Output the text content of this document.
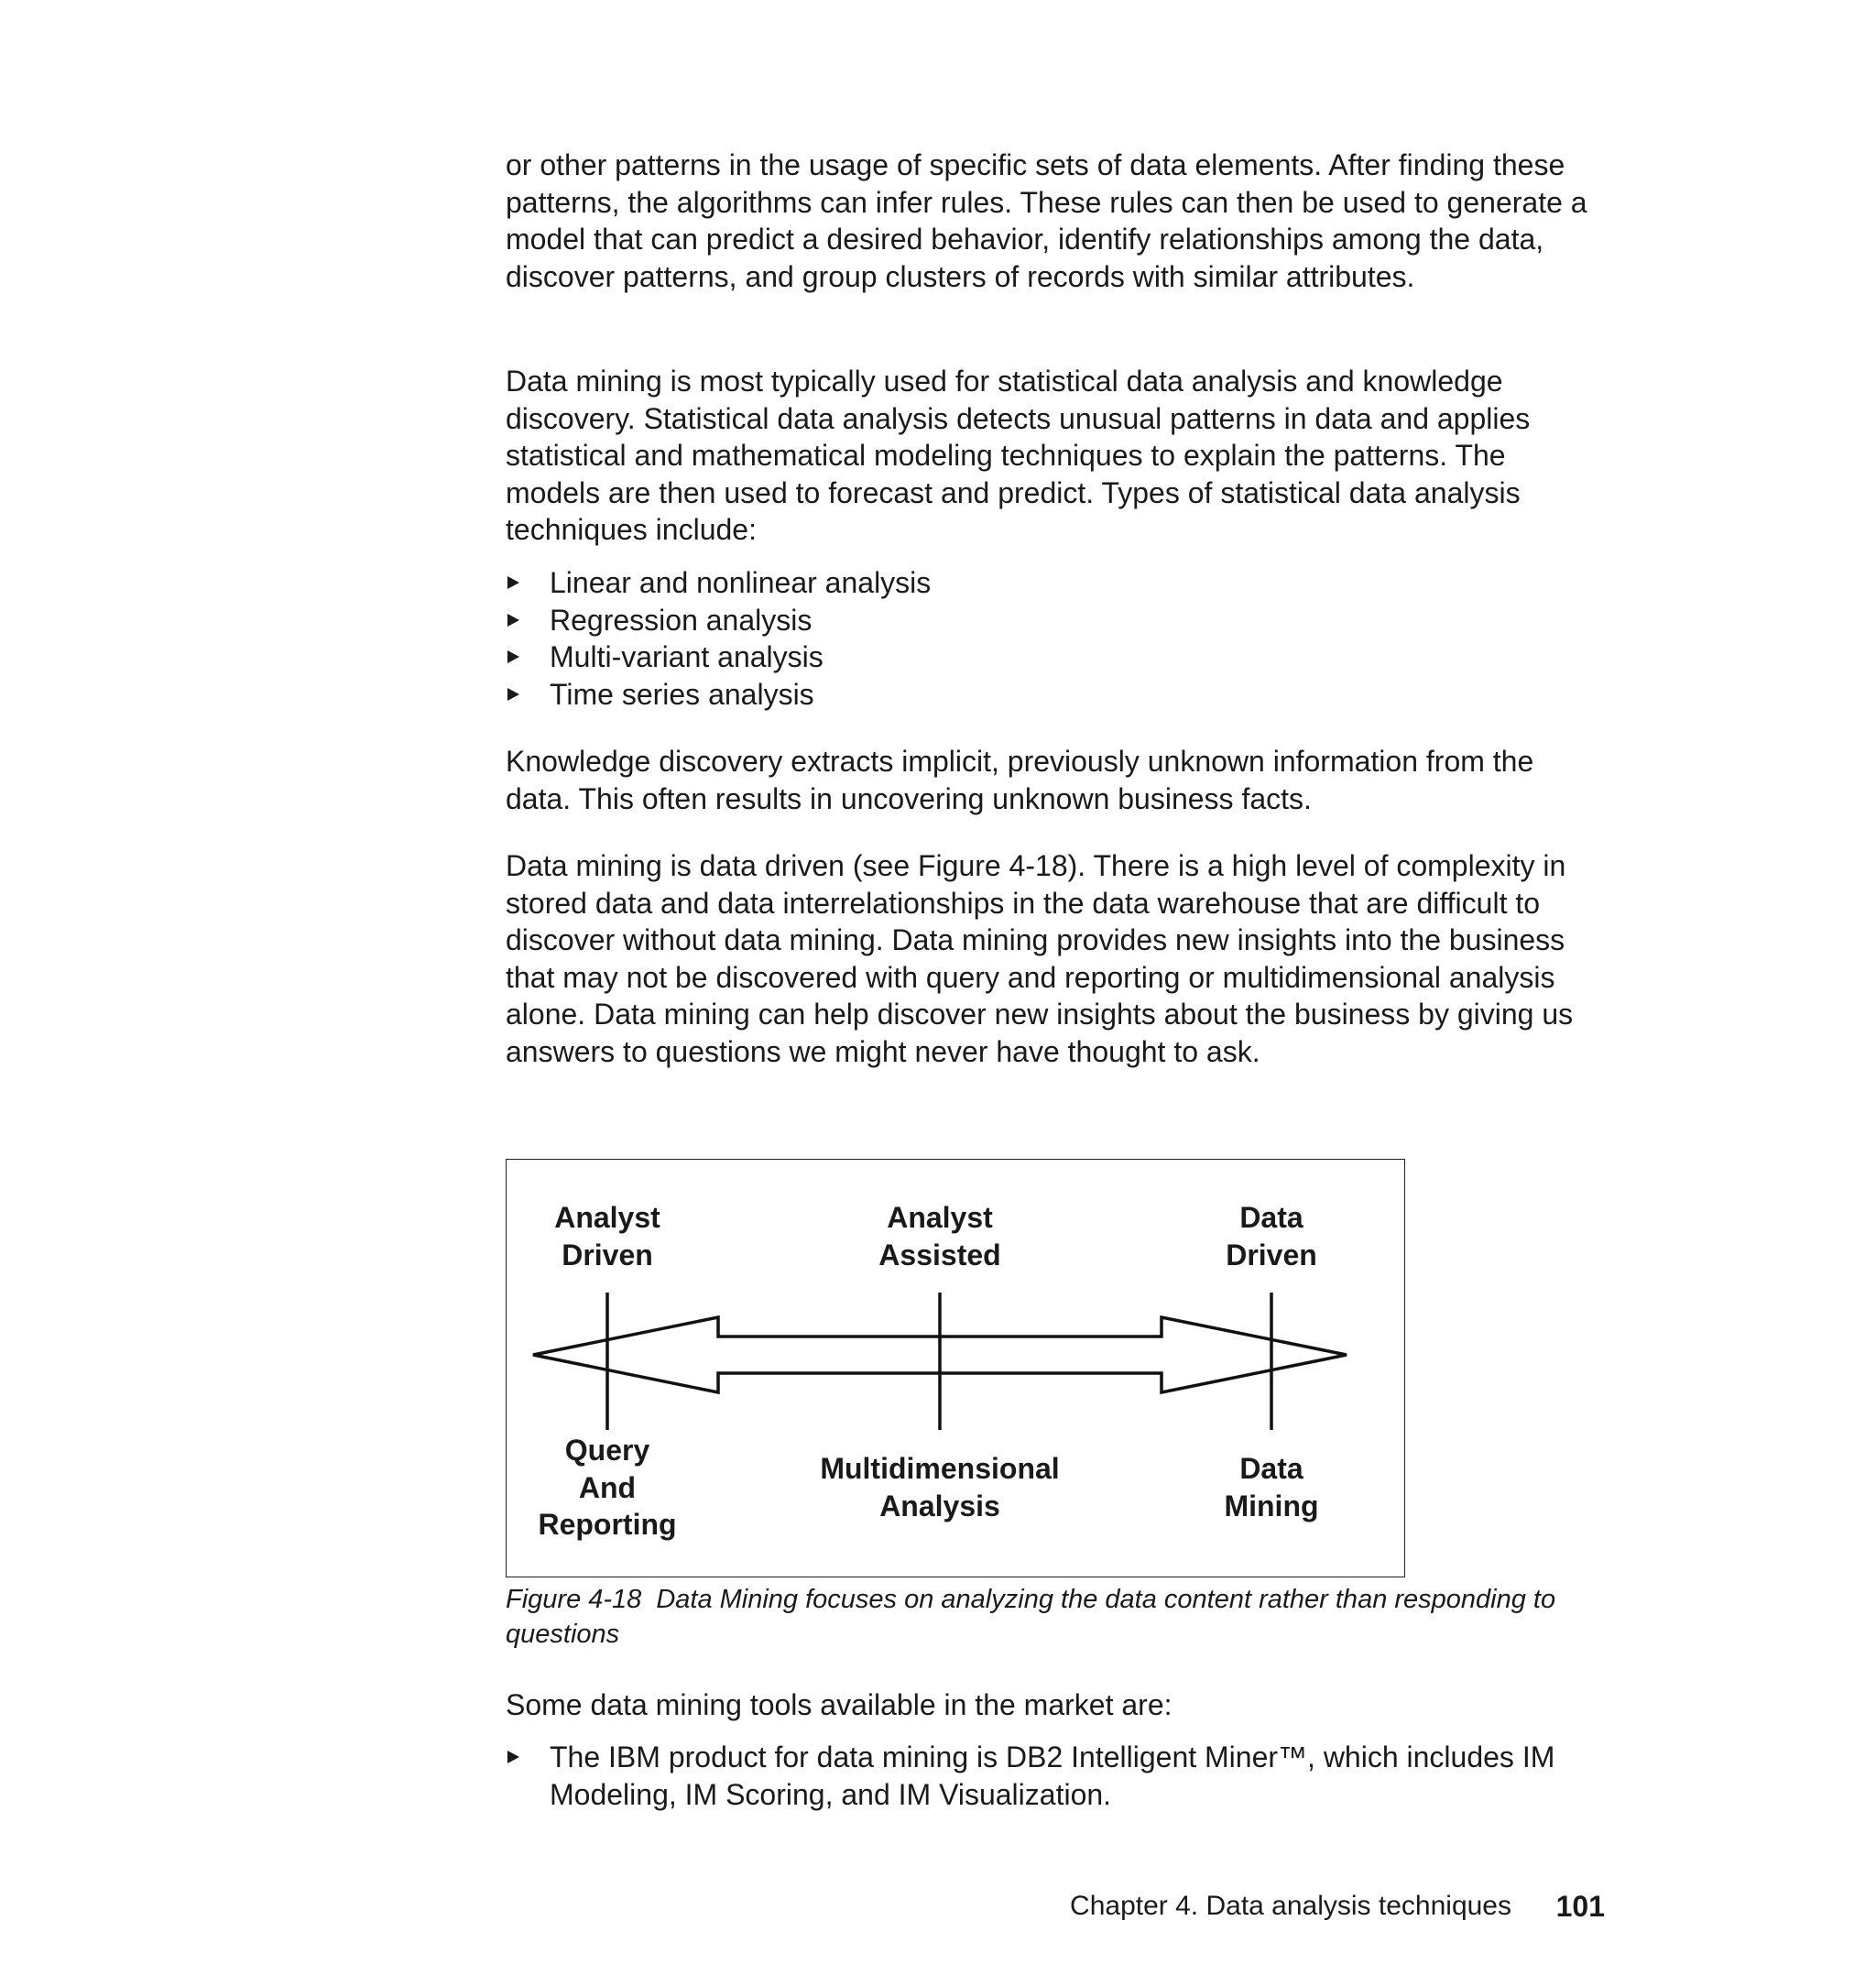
or other patterns in the usage of specific sets of data elements. After finding these patterns, the algorithms can infer rules. These rules can then be used to generate a model that can predict a desired behavior, identify relationships among the data, discover patterns, and group clusters of records with similar attributes.

Data mining is most typically used for statistical data analysis and knowledge discovery. Statistical data analysis detects unusual patterns in data and applies statistical and mathematical modeling techniques to explain the patterns. The models are then used to forecast and predict. Types of statistical data analysis techniques include:

Linear and nonlinear analysis
Regression analysis
Multi-variant analysis
Time series analysis

Knowledge discovery extracts implicit, previously unknown information from the data. This often results in uncovering unknown business facts.

Data mining is data driven (see Figure 4-18). There is a high level of complexity in stored data and data interrelationships in the data warehouse that are difficult to discover without data mining. Data mining provides new insights into the business that may not be discovered with query and reporting or multidimensional analysis alone. Data mining can help discover new insights about the business by giving us answers to questions we might never have thought to ask.

Analyst
Driven
Analyst
Assisted
Data
Driven
Query
And
Reporting
Multidimensional
Analysis
Data
Mining

Figure 4-18 Data Mining focuses on analyzing the data content rather than responding to questions

Some data mining tools available in the market are:

The IBM product for data mining is DB2 Intelligent Miner™, which includes IM Modeling, IM Scoring, and IM Visualization.
Chapter 4. Data analysis techniques	101
